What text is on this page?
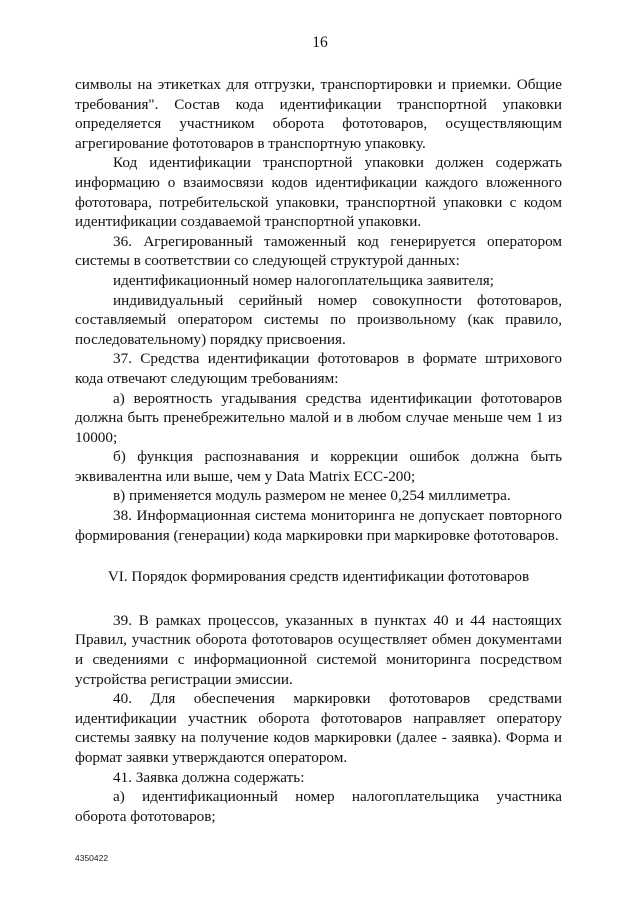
16

символы на этикетках для отгрузки, транспортировки и приемки. Общие требования". Состав кода идентификации транспортной упаковки определяется участником оборота фототоваров, осуществляющим агрегирование фототоваров в транспортную упаковку.

Код идентификации транспортной упаковки должен содержать информацию о взаимосвязи кодов идентификации каждого вложенного фототовара, потребительской упаковки, транспортной упаковки с кодом идентификации создаваемой транспортной упаковки.

36. Агрегированный таможенный код генерируется оператором системы в соответствии со следующей структурой данных:

идентификационный номер налогоплательщика заявителя;

индивидуальный серийный номер совокупности фототоваров, составляемый оператором системы по произвольному (как правило, последовательному) порядку присвоения.

37. Средства идентификации фототоваров в формате штрихового кода отвечают следующим требованиям:

а) вероятность угадывания средства идентификации фототоваров должна быть пренебрежительно малой и в любом случае меньше чем 1 из 10000;

б) функция распознавания и коррекции ошибок должна быть эквивалентна или выше, чем у Data Matrix ЕСС-200;

в) применяется модуль размером не менее 0,254 миллиметра.

38. Информационная система мониторинга не допускает повторного формирования (генерации) кода маркировки при маркировке фототоваров.

VI. Порядок формирования средств идентификации фототоваров

39. В рамках процессов, указанных в пунктах 40 и 44 настоящих Правил, участник оборота фототоваров осуществляет обмен документами и сведениями с информационной системой мониторинга посредством устройства регистрации эмиссии.

40. Для обеспечения маркировки фототоваров средствами идентификации участник оборота фототоваров направляет оператору системы заявку на получение кодов маркировки (далее - заявка). Форма и формат заявки утверждаются оператором.

41. Заявка должна содержать:

а) идентификационный номер налогоплательщика участника оборота фототоваров;

4350422
